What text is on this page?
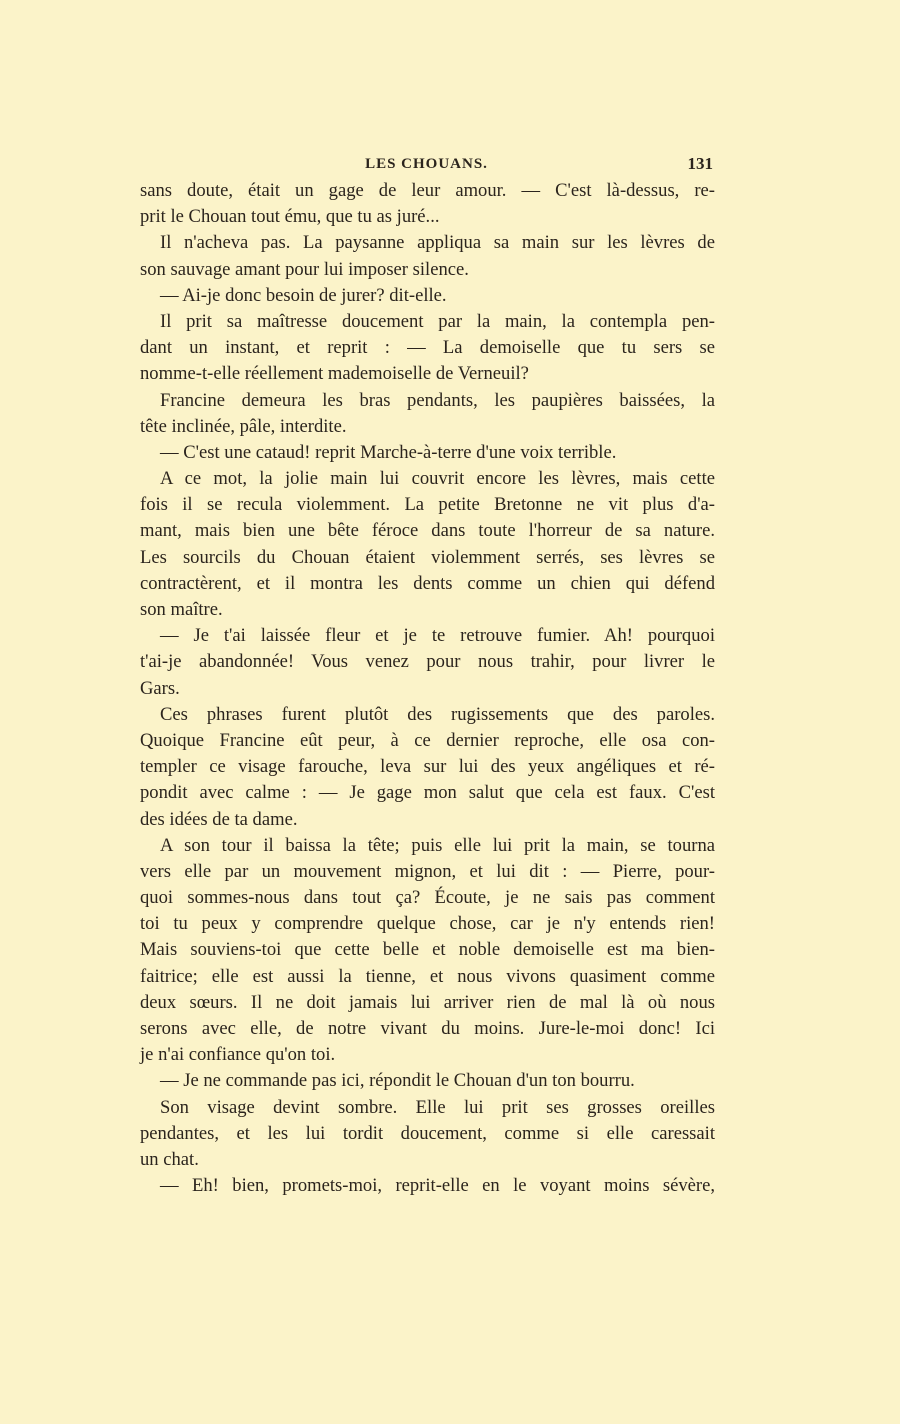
LES CHOUANS.	131
sans doute, était un gage de leur amour. — C'est là-dessus, re-
prit le Chouan tout ému, que tu as juré...
Il n'acheva pas. La paysanne appliqua sa main sur les lèvres de
son sauvage amant pour lui imposer silence.
— Ai-je donc besoin de jurer? dit-elle.
Il prit sa maîtresse doucement par la main, la contempla pen-
dant un instant, et reprit : — La demoiselle que tu sers se
nomme-t-elle réellement mademoiselle de Verneuil?
Francine demeura les bras pendants, les paupières baissées, la
tête inclinée, pâle, interdite.
— C'est une cataud! reprit Marche-à-terre d'une voix terrible.
A ce mot, la jolie main lui couvrit encore les lèvres, mais cette
fois il se recula violemment. La petite Bretonne ne vit plus d'a-
mant, mais bien une bête féroce dans toute l'horreur de sa nature.
Les sourcils du Chouan étaient violemment serrés, ses lèvres se
contractèrent, et il montra les dents comme un chien qui défend
son maître.
— Je t'ai laissée fleur et je te retrouve fumier. Ah! pourquoi
t'ai-je abandonnée! Vous venez pour nous trahir, pour livrer le
Gars.
Ces phrases furent plutôt des rugissements que des paroles.
Quoique Francine eût peur, à ce dernier reproche, elle osa con-
templer ce visage farouche, leva sur lui des yeux angéliques et ré-
pondit avec calme : — Je gage mon salut que cela est faux. C'est
des idées de ta dame.
A son tour il baissa la tête; puis elle lui prit la main, se tourna
vers elle par un mouvement mignon, et lui dit : — Pierre, pour-
quoi sommes-nous dans tout ça? Écoute, je ne sais pas comment
toi tu peux y comprendre quelque chose, car je n'y entends rien!
Mais souviens-toi que cette belle et noble demoiselle est ma bien-
faitrice; elle est aussi la tienne, et nous vivons quasiment comme
deux sœurs. Il ne doit jamais lui arriver rien de mal là où nous
serons avec elle, de notre vivant du moins. Jure-le-moi donc! Ici
je n'ai confiance qu'on toi.
— Je ne commande pas ici, répondit le Chouan d'un ton bourru.
Son visage devint sombre. Elle lui prit ses grosses oreilles
pendantes, et les lui tordit doucement, comme si elle caressait
un chat.
— Eh! bien, promets-moi, reprit-elle en le voyant moins sévère,
